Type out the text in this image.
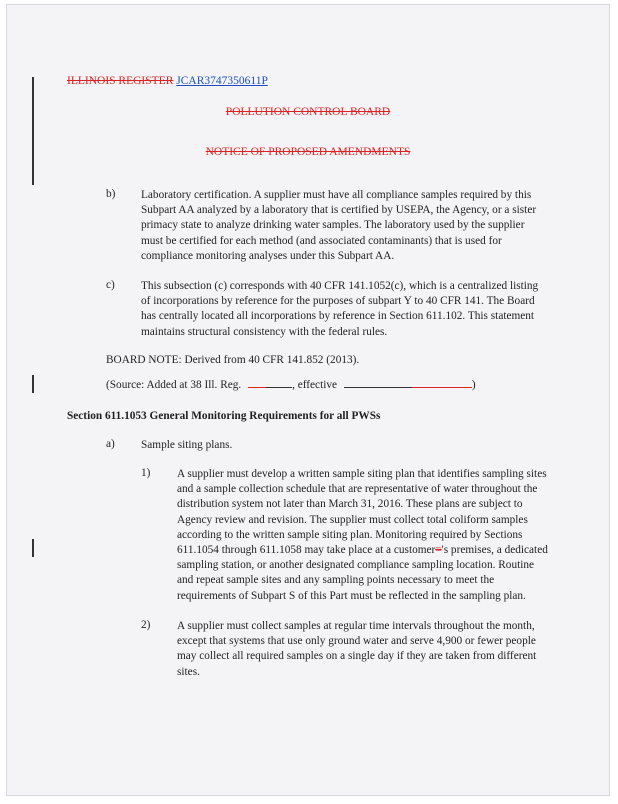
ILLINOIS REGISTER JCAR3747350611P
POLLUTION CONTROL BOARD
NOTICE OF PROPOSED AMENDMENTS
b) Laboratory certification. A supplier must have all compliance samples required by this Subpart AA analyzed by a laboratory that is certified by USEPA, the Agency, or a sister primacy state to analyze drinking water samples. The laboratory used by the supplier must be certified for each method (and associated contaminants) that is used for compliance monitoring analyses under this Subpart AA.
c) This subsection (c) corresponds with 40 CFR 141.1052(c), which is a centralized listing of incorporations by reference for the purposes of subpart Y to 40 CFR 141. The Board has centrally located all incorporations by reference in Section 611.102. This statement maintains structural consistency with the federal rules.
BOARD NOTE: Derived from 40 CFR 141.852 (2013).
(Source: Added at 38 Ill. Reg.	, effective	)
Section 611.1053 General Monitoring Requirements for all PWSs
a) Sample siting plans.
1) A supplier must develop a written sample siting plan that identifies sampling sites and a sample collection schedule that are representative of water throughout the distribution system not later than March 31, 2016. These plans are subject to Agency review and revision. The supplier must collect total coliform samples according to the written sample siting plan. Monitoring required by Sections 611.1054 through 611.1058 may take place at a customer='s premises, a dedicated sampling station, or another designated compliance sampling location. Routine and repeat sample sites and any sampling points necessary to meet the requirements of Subpart S of this Part must be reflected in the sampling plan.
2) A supplier must collect samples at regular time intervals throughout the month, except that systems that use only ground water and serve 4,900 or fewer people may collect all required samples on a single day if they are taken from different sites.
